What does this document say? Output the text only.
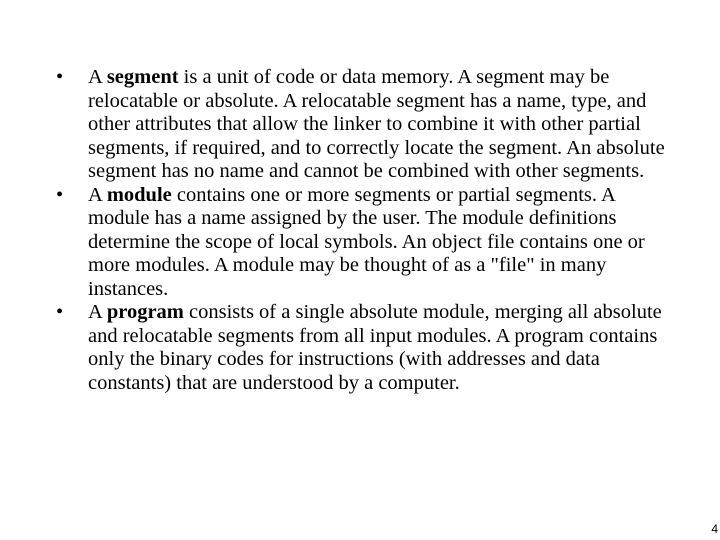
•	A segment is a unit of code or data memory. A segment may be relocatable or absolute. A relocatable segment has a name, type, and other attributes that allow the linker to combine it with other partial segments, if required, and to correctly locate the segment. An absolute segment has no name and cannot be combined with other segments.
•	A module contains one or more segments or partial segments. A module has a name assigned by the user. The module definitions determine the scope of local symbols. An object file contains one or more modules. A module may be thought of as a "file" in many instances.
•	A program consists of a single absolute module, merging all absolute and relocatable segments from all input modules. A program contains only the binary codes for instructions (with addresses and data constants) that are understood by a computer.
4
